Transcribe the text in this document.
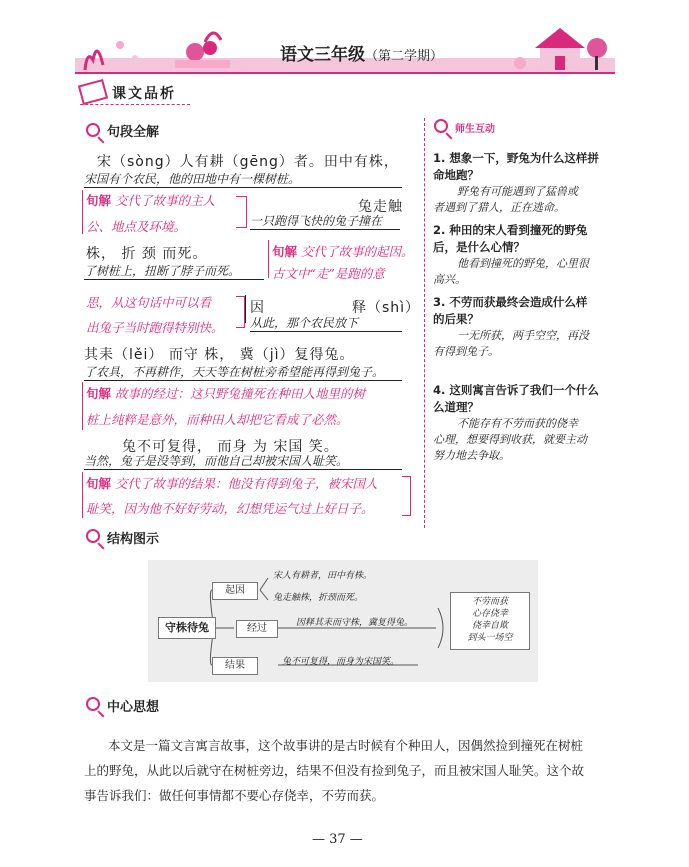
语文三年级（第二学期）
课文品析
句段全解
宋（sòng）人有耕（gēng）者。田中有株，
宋国有个农民，他的田地中有一棵树桩。
旬解 交代了故事的主人
公、地点及环境。
兔走触
一只跑得飞快的兔子撞在
株， 折 颈 而死。
了树桩上，扭断了脖子而死。
旬解 交代了故事的起因。
古文中“走”是跑的意
思，从这句话中可以看
出兔子当时跑得特别快。
因	释（shì）
从此，那个农民放下
其耒（lěi） 而守 株， 冀（jì）复得兔。
了农具，不再耕作，天天等在树桩旁希望能再得到兔子。
旬解 故事的经过：这只野兔撞死在种田人地里的树
桩上纯粹是意外，而种田人却把它看成了必然。
兔不可复得， 而身 为 宋国 笑。
当然，兔子是没等到，而他自己却被宋国人耻笑。
旬解 交代了故事的结果：他没有得到兔子，被宋国人
耻笑，因为他不好好劳动，幻想凭运气过上好日子。
师生互动
1. 想象一下，野兔为什么这样拼
命地跑？
野兔有可能遇到了猛兽或
者遇到了猎人，正在逃命。
2. 种田的宋人看到撞死的野兔
后，是什么心情？
他看到撞死的野兔，心里很
高兴。
3. 不劳而获最终会造成什么样
的后果？
一无所获，两手空空，再没
有得到兔子。
4. 这则寓言告诉了我们一个什么
么道理？
不能存有不劳而获的侥幸
心理，想要得到收获，就要主动
努力地去争取。
结构图示
守株待兔
起因
经过
结果
宋人有耕者，田中有株。
兔走触株，折颈而死。
因释其耒而守株，冀复得兔。
兔不可复得，而身为宋国笑。
不劳而获
心存侥幸
侥幸自欺
到头一场空
中心思想
本文是一篇文言寓言故事，这个故事讲的是古时候有个种田人，因偶然捡到撞死在树桩
上的野兔，从此以后就守在树桩旁边，结果不但没有捡到兔子，而且被宋国人耻笑。这个故
事告诉我们：做任何事情都不要心存侥幸，不劳而获。
— 37 —
